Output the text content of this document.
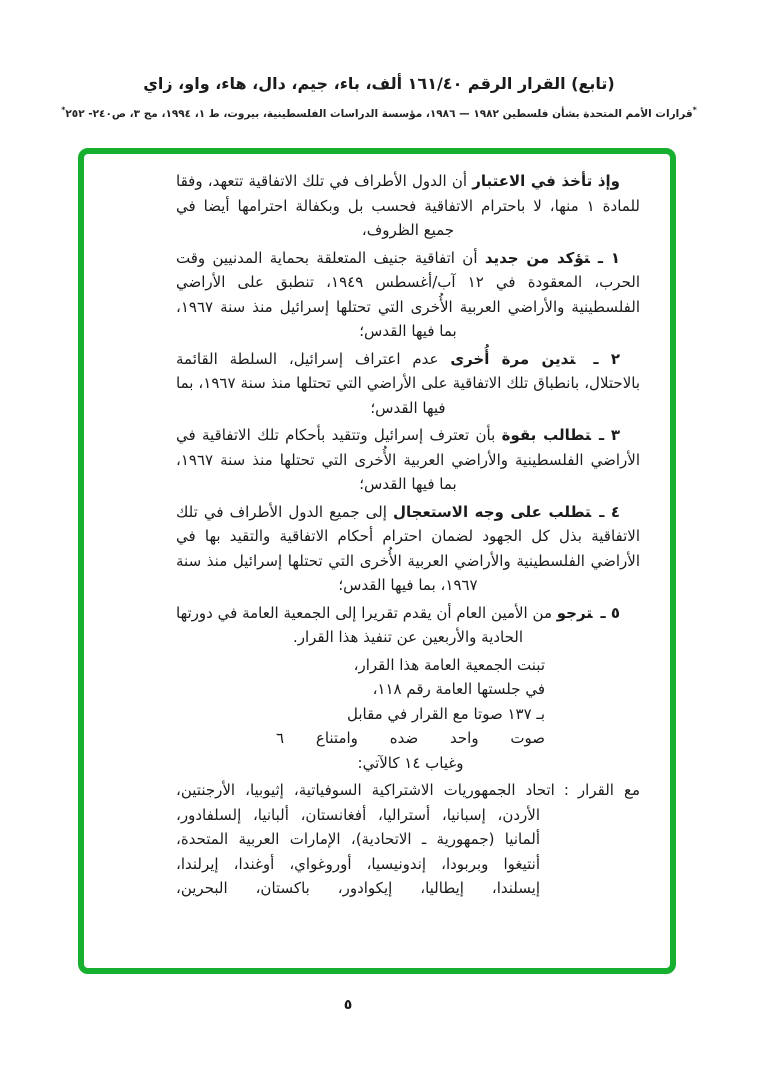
(تابع) القرار الرقم ١٦١/٤٠ ألف، باء، جيم، دال، هاء، واو، زاي
*قرارات الأمم المتحدة بشأن فلسطين ١٩٨٢ — ١٩٨٦، مؤسسة الدراسات الفلسطينية، بيروت، ط ١، ١٩٩٤، مج ٣، ص٢٤٠- ٢٥٢*

وإذ تأخذ في الاعتبار أن الدول الأطراف في تلك الاتفاقية تتعهد، وفقا للمادة ١ منها، لا باحترام الاتفاقية فحسب بل وبكفالة احترامها أيضا في جميع الظروف،

١ ـتؤكد من جديد أن اتفاقية جنيف المتعلقة بحماية المدنيين وقت الحرب، المعقودة في ١٢ آب/أغسطس ١٩٤٩، تنطبق على الأراضي الفلسطينية والأراضي العربية الأُخرى التي تحتلها إسرائيل منذ سنة ١٩٦٧، بما فيها القدس؛

٢ ـتدين مرة أُخرى عدم اعتراف إسرائيل، السلطة القائمة بالاحتلال، بانطباق تلك الاتفاقية على الأراضي التي تحتلها منذ سنة ١٩٦٧، بما فيها القدس؛

٣ ـتطالب بقوة بأن تعترف إسرائيل وتتقيد بأحكام تلك الاتفاقية في الأراضي الفلسطينية والأراضي العربية الأُخرى التي تحتلها منذ سنة ١٩٦٧، بما فيها القدس؛

٤ ـتطلب على وجه الاستعجال إلى جميع الدول الأطراف في تلك الاتفاقية بذل كل الجهود لضمان احترام أحكام الاتفاقية والتقيد بها في الأراضي الفلسطينية والأراضي العربية الأُخرى التي تحتلها إسرائيل منذ سنة ١٩٦٧، بما فيها القدس؛

٥ ـترجو من الأمين العام أن يقدم تقريرا إلى الجمعية العامة في دورتها الحادية والأربعين عن تنفيذ هذا القرار.

تبنت الجمعية العامة هذا القرار،
في جلستها العامة رقم ١١٨،
بـ ١٣٧ صوتا مع القرار في مقابل
صوت واحد ضده وامتناع ٦
وغياب ١٤ كالآتي:

مع القرار:اتحاد الجمهوريات الاشتراكية السوفياتية، إثيوبيا، الأرجنتين، الأردن، إسبانيا، أستراليا، أفغانستان، ألبانيا، إلسلفادور، ألمانيا (جمهورية ـ الاتحادية)، الإمارات العربية المتحدة، أنتيغوا وبربودا، إندونيسيا، أوروغواي، أوغندا، إيرلندا، إيسلندا، إيطاليا، إيكوادور، باكستان، البحرين،

٥
